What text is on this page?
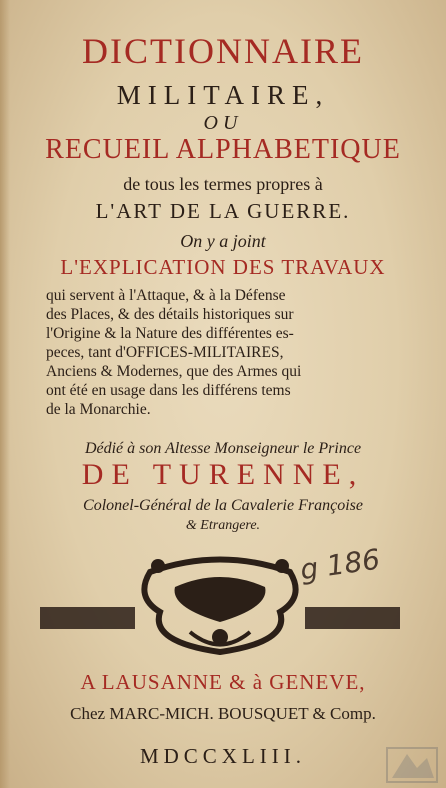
DICTIONNAIRE
MILITAIRE,
OU
RECUEIL ALPHABETIQUE
de tous les termes propres à
L'ART DE LA GUERRE.
On y a joint
L'EXPLICATION DES TRAVAUX
qui servent à l'Attaque, & à la Défense
des Places, & des détails historiques sur
l'Origine & la Nature des différentes es-
peces, tant d'OFFICES-MILITAIRES,
Anciens & Modernes, que des Armes qui
ont été en usage dans les différens tems
de la Monarchie.
Dédié à son Altesse Monseigneur le Prince
DE TURENNE,
Colonel-Général de la Cavalerie Françoise
& Etrangere.
g 186
A LAUSANNE & à GENEVE,
Chez MARC-MICH. BOUSQUET & Comp.
MDCCXLIII.
